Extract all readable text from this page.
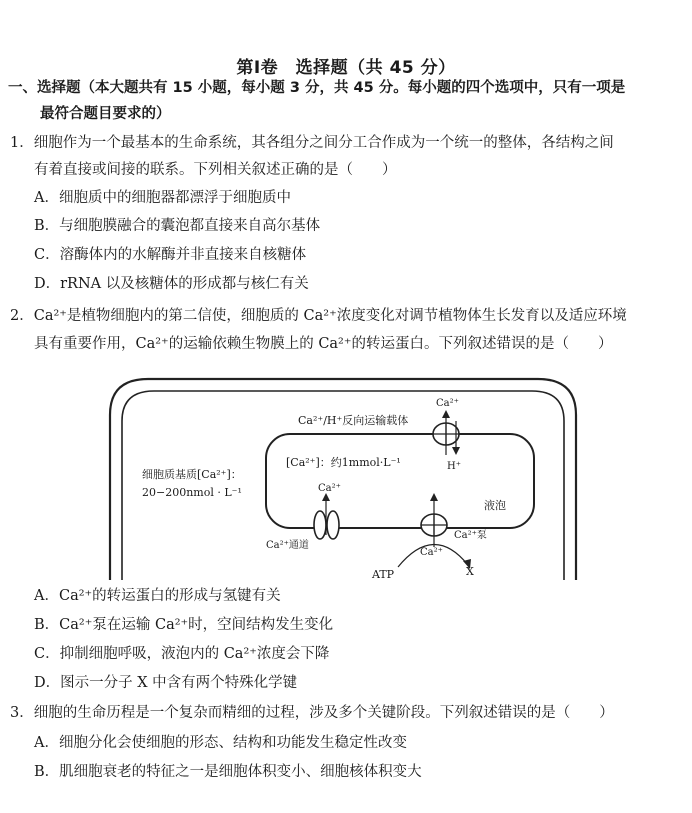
第Ⅰ卷　选择题（共 45 分）
一、选择题（本大题共有 15 小题，每小题 3 分，共 45 分。每小题的四个选项中，只有一项是
最符合题目要求的）
1．细胞作为一个最基本的生命系统，其各组分之间分工合作成为一个统一的整体，各结构之间
有着直接或间接的联系。下列相关叙述正确的是（　　）
A．细胞质中的细胞器都漂浮于细胞质中
B．与细胞膜融合的囊泡都直接来自高尔基体
C．溶酶体内的水解酶并非直接来自核糖体
D．rRNA 以及核糖体的形成都与核仁有关
2．Ca²⁺是植物细胞内的第二信使，细胞质的 Ca²⁺浓度变化对调节植物体生长发育以及适应环境
具有重要作用，Ca²⁺的运输依赖生物膜上的 Ca²⁺的转运蛋白。下列叙述错误的是（　　）
Ca²⁺/H⁺反向运输载体
Ca²⁺
H⁺
[Ca²⁺]：约1mmol·L⁻¹
细胞质基质[Ca²⁺]：
20−200nmol · L⁻¹	Ca²⁺
Ca²⁺通道
液泡
Ca²⁺泵
Ca²⁺
ATP	X
A．Ca²⁺的转运蛋白的形成与氢键有关
B．Ca²⁺泵在运输 Ca²⁺时，空间结构发生变化
C．抑制细胞呼吸，液泡内的 Ca²⁺浓度会下降
D．图示一分子 X 中含有两个特殊化学键
3．细胞的生命历程是一个复杂而精细的过程，涉及多个关键阶段。下列叙述错误的是（　　）
A．细胞分化会使细胞的形态、结构和功能发生稳定性改变
B．肌细胞衰老的特征之一是细胞体积变小、细胞核体积变大
